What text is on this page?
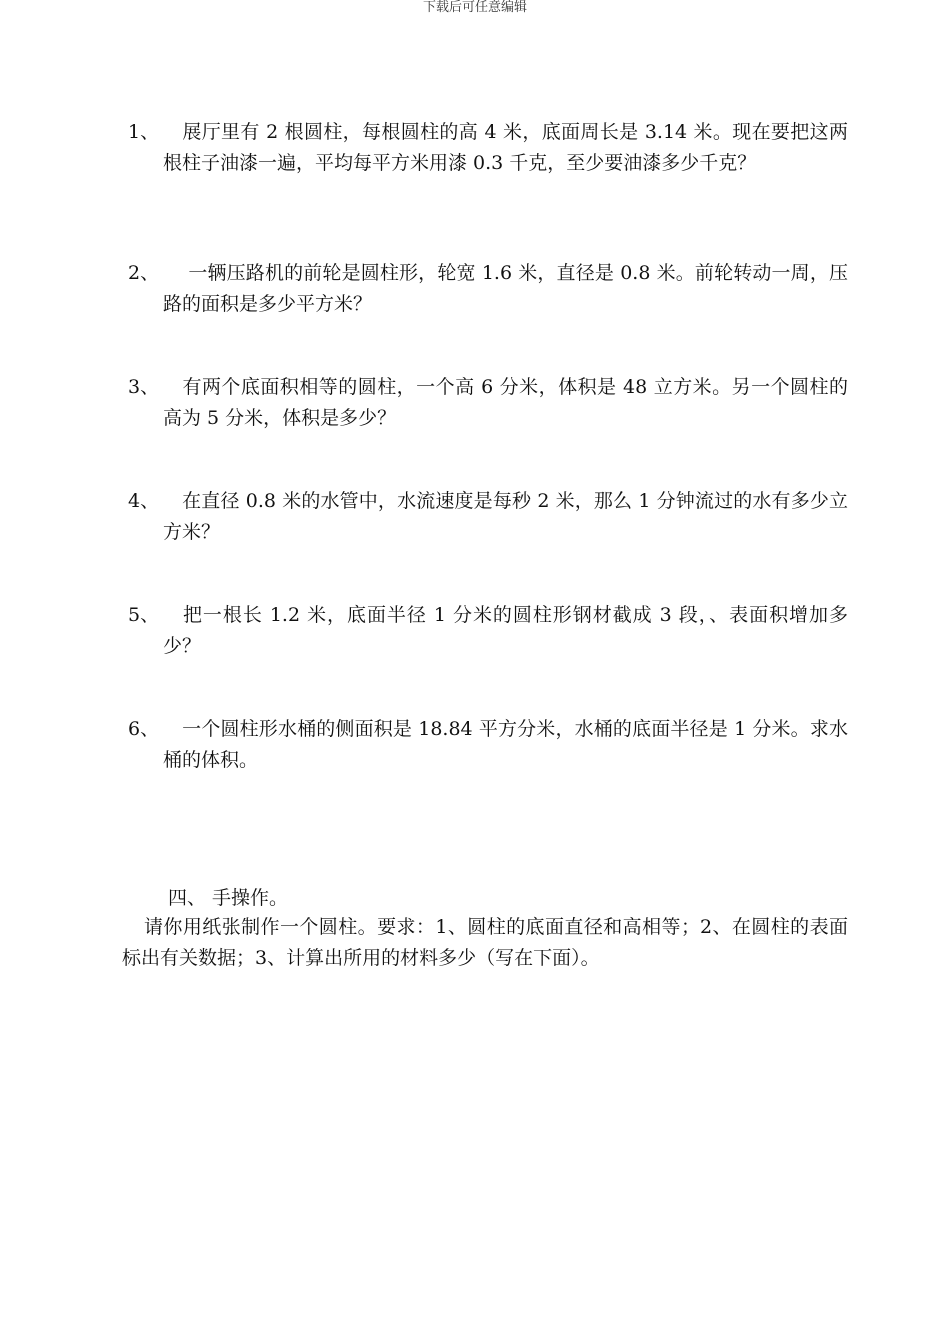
下载后可任意编辑
1、 　展厅里有 2 根圆柱，每根圆柱的高 4 米，底面周长是 3.14 米。现在要把这两根柱子油漆一遍，平均每平方米用漆 0.3 千克，至少要油漆多少千克？
2、 　 一辆压路机的前轮是圆柱形，轮宽 1.6 米，直径是 0.8 米。前轮转动一周，压路的面积是多少平方米？
3、 　有两个底面积相等的圆柱，一个高 6 分米，体积是 48 立方米。另一个圆柱的高为 5 分米，体积是多少？
4、 　在直径 0.8 米的水管中，水流速度是每秒 2 米，那么 1 分钟流过的水有多少立方米？
5、 　把一根长 1.2 米，底面半径 1 分米的圆柱形钢材截成 3 段，、表面积增加多少？
6、 　一个圆柱形水桶的侧面积是 18.84 平方分米，水桶的底面半径是 1 分米。求水桶的体积。
四、 手操作。
请你用纸张制作一个圆柱。要求：1、圆柱的底面直径和高相等；2、在圆柱的表面标出有关数据；3、计算出所用的材料多少（写在下面）。
